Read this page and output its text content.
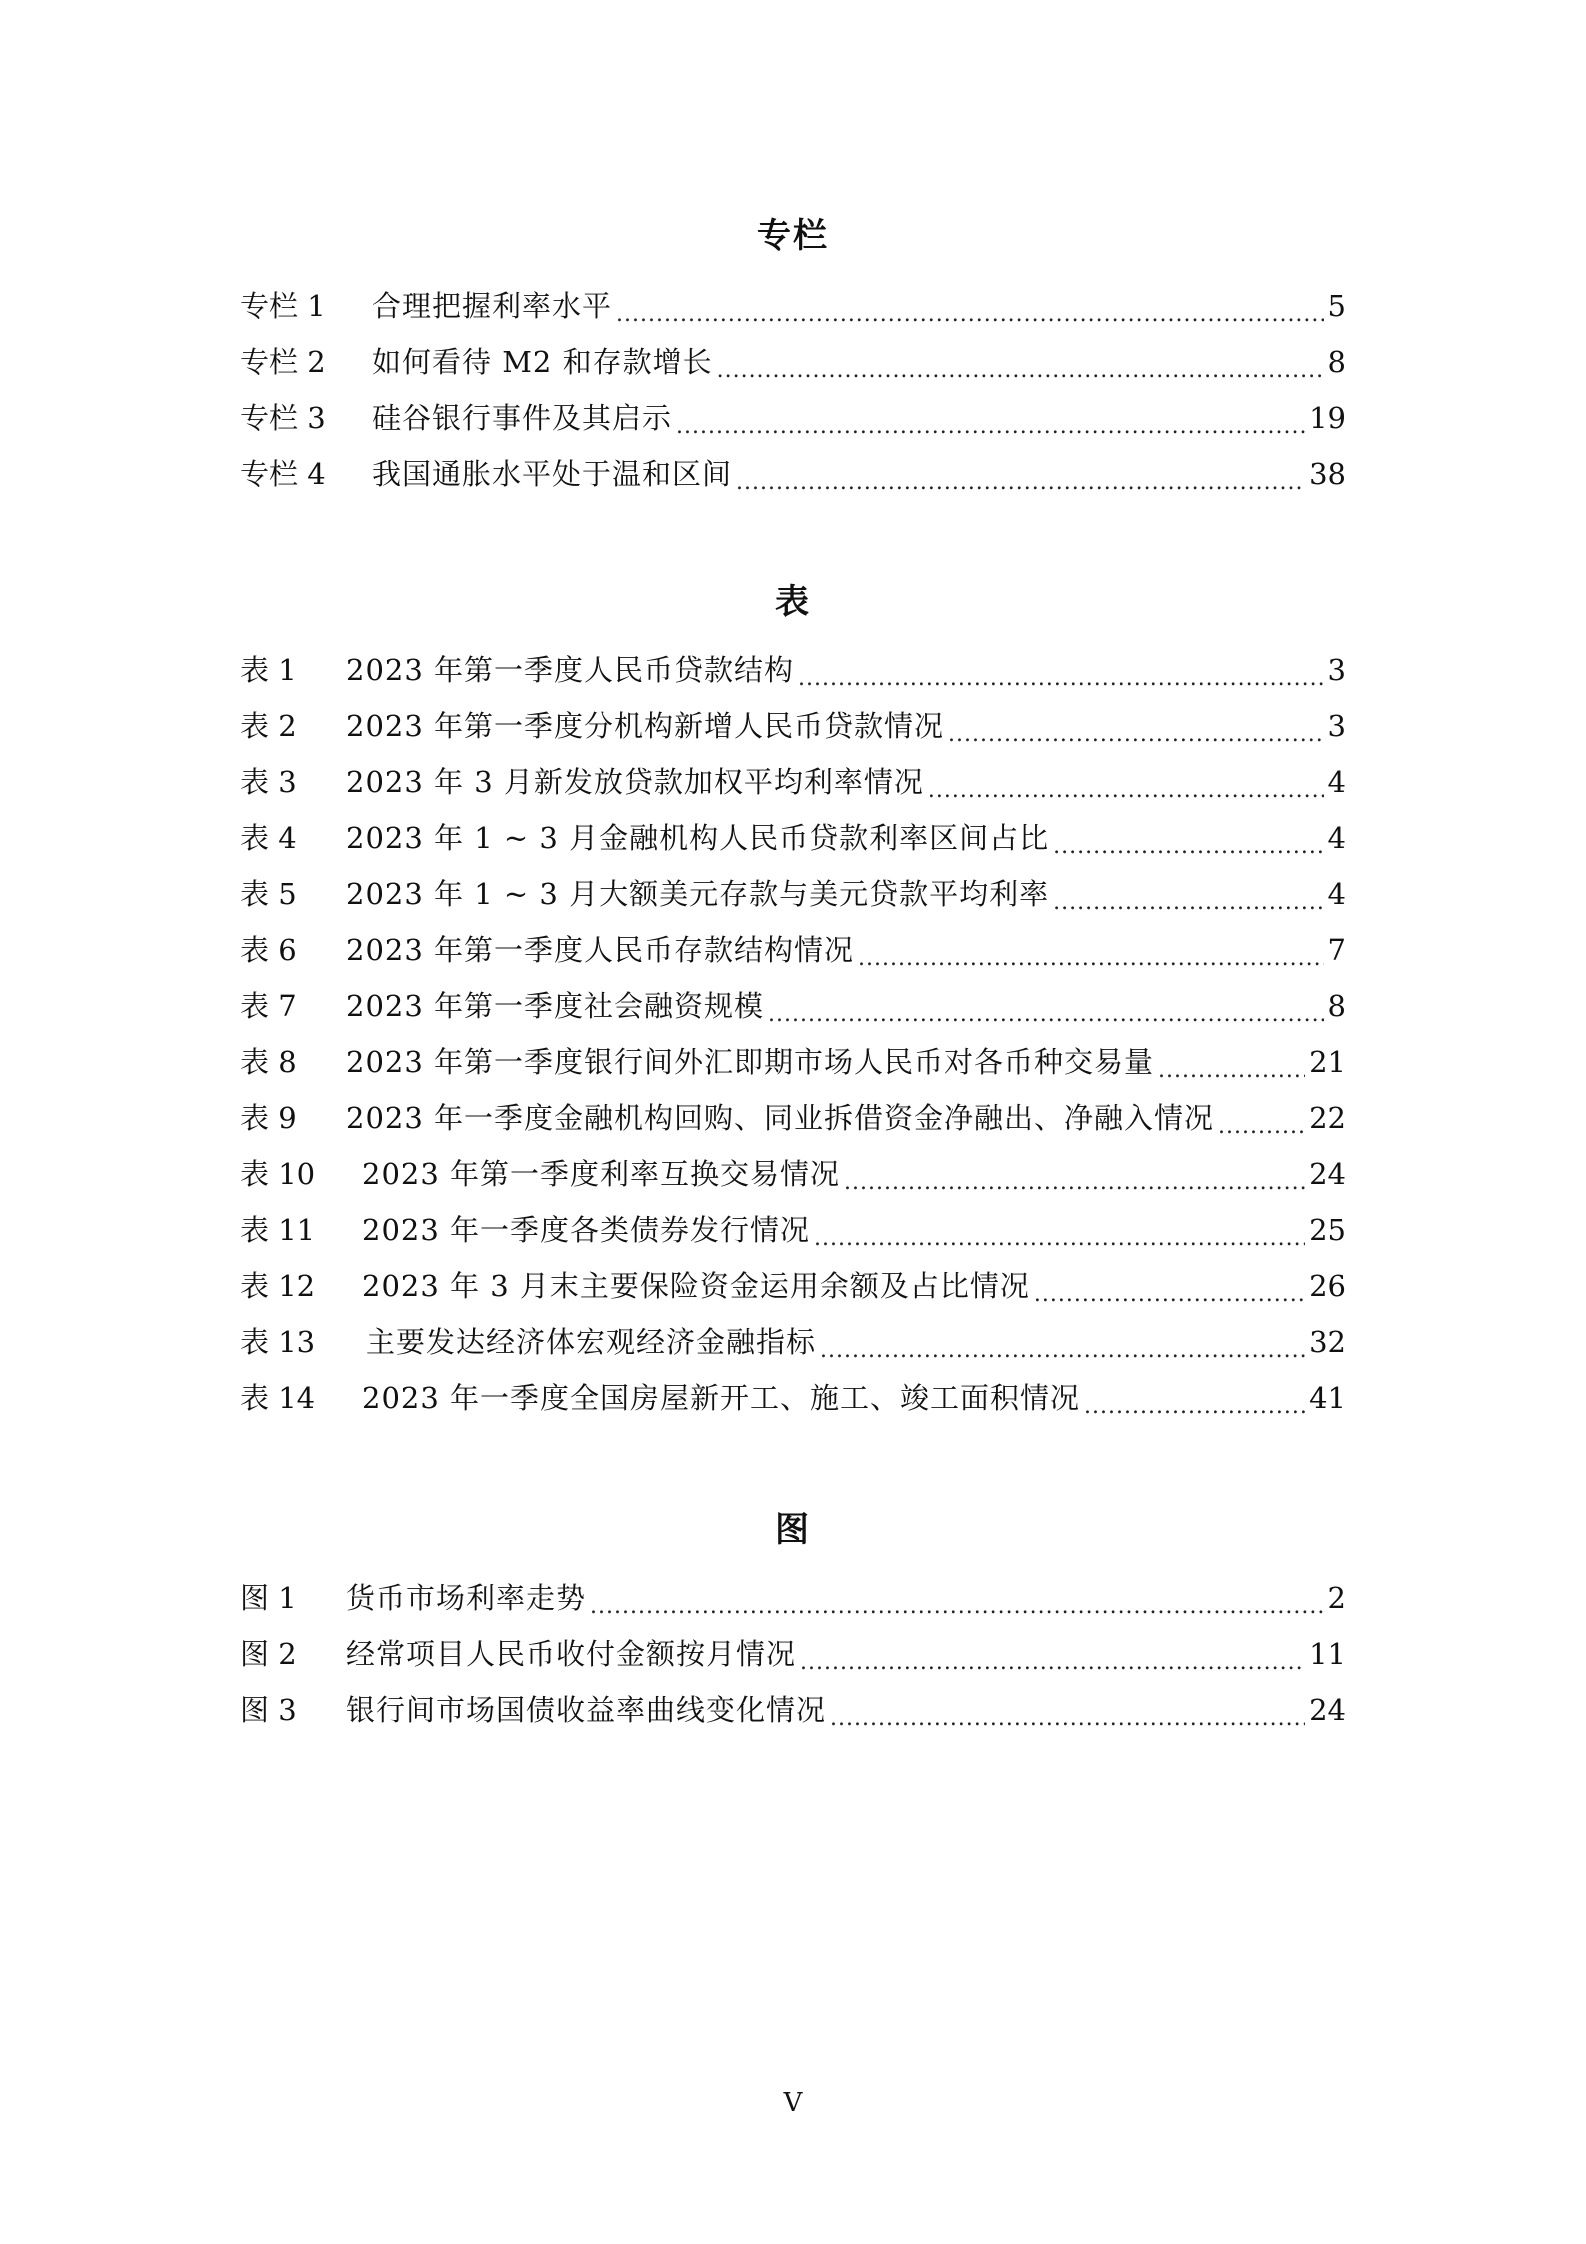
专栏
专栏 1	合理把握利率水平 .....	5
专栏 2	如何看待 M2 和存款增长 .....	8
专栏 3	硅谷银行事件及其启示 .....	19
专栏 4	我国通胀水平处于温和区间 .....	38
表
表 1	2023 年第一季度人民币贷款结构 .....	3
表 2	2023 年第一季度分机构新增人民币贷款情况 .....	3
表 3	2023 年 3 月新发放贷款加权平均利率情况 .....	4
表 4	2023 年 1 ~ 3 月金融机构人民币贷款利率区间占比 .....	4
表 5	2023 年 1 ~ 3 月大额美元存款与美元贷款平均利率 .....	4
表 6	2023 年第一季度人民币存款结构情况 .....	7
表 7	2023 年第一季度社会融资规模 .....	8
表 8	2023 年第一季度银行间外汇即期市场人民币对各币种交易量 .....	21
表 9	2023 年一季度金融机构回购、同业拆借资金净融出、净融入情况 .....	22
表 10	2023 年第一季度利率互换交易情况 .....	24
表 11	2023 年一季度各类债券发行情况 .....	25
表 12	2023 年 3 月末主要保险资金运用余额及占比情况 .....	26
表 13	主要发达经济体宏观经济金融指标 .....	32
表 14	2023 年一季度全国房屋新开工、施工、竣工面积情况 .....	41
图
图 1	货币市场利率走势 .....	2
图 2	经常项目人民币收付金额按月情况 .....	11
图 3	银行间市场国债收益率曲线变化情况 .....	24
V
